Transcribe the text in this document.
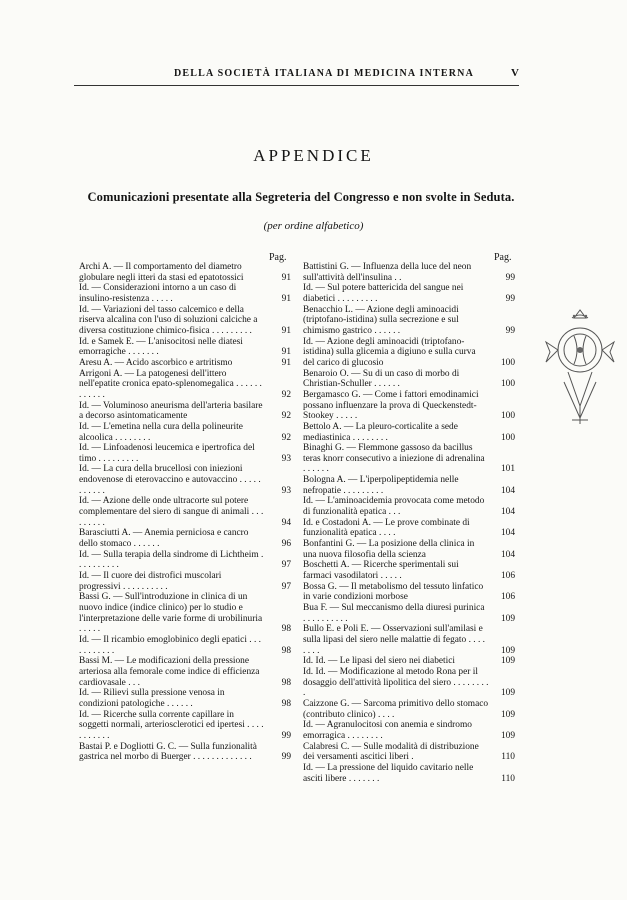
DELLA SOCIETÀ ITALIANA DI MEDICINA INTERNA	V
APPENDICE
Comunicazioni presentate alla Segreteria del Congresso e non svolte in Seduta.
(per ordine alfabetico)
Pag.	Pag.
Archi A. — Il comportamento del diametro globulare negli itteri da stasi ed epatotossici	91
Id. — Considerazioni intorno a un caso di insulino-resistenza . . . . .	91
Id. — Variazioni del tasso calcemico e della riserva alcalina con l'uso di soluzioni calciche a diversa costituzione chimico-fisica . . . . . . . . .	91
Id. e Samek E. — L'anisocitosi nelle diatesi emorragiche . . . . . . .	91
Aresu A. — Acido ascorbico e artritismo	91
Arrigoni A. — La patogenesi dell'ittero nell'epatite cronica epato-splenomegalica . . . . . . . . . . . .	92
Id. — Voluminoso aneurisma dell'arteria basilare a decorso asintomaticamente	92
Id. — L'emetina nella cura della polineurite alcoolica . . . . . . . .	92
Id. — Linfoadenosi leucemica e ipertrofica del timo . . . . . . . . .	93
Id. — La cura della brucellosi con iniezioni endovenose di eterovaccino e autovaccino . . . . . . . . . . .	93
Id. — Azione delle onde ultracorte sul potere complementare del siero di sangue di animali . . . . . . . . .	94
Barasciutti A. — Anemia perniciosa e cancro dello stomaco . . . . . .	96
Id. — Sulla terapia della sindrome di Lichtheim . . . . . . . . . .	97
Id. — Il cuore dei distrofici muscolari progressivi . . . . . . . . . .	97
Bassi G. — Sull'introduzione in clinica di un nuovo indice (indice clinico) per lo studio e l'interpretazione delle varie forme di urobilinuria . . . . .	98
Id. — Il ricambio emoglobinico degli epatici . . . . . . . . . . .	98
Bassi M. — Le modificazioni della pressione arteriosa alla femorale come indice di efficienza cardiovasale . . .	98
Id. — Rilievi sulla pressione venosa in condizioni patologiche . . . . . .	98
Id. — Ricerche sulla corrente capillare in soggetti normali, arteriosclerotici ed ipertesi . . . . . . . . . . .	99
Bastai P. e Dogliotti G. C. — Sulla funzionalità gastrica nel morbo di Buerger . . . . . . . . . . . . .	99
Battistini G. — Influenza della luce del neon sull'attività dell'insulina . .	99
Id. — Sul potere battericida del sangue nei diabetici . . . . . . . . .	99
Benacchio L. — Azione degli aminoacidi (triptofano-istidina) sulla secrezione e sul chimismo gastrico . . . . . .	99
Id. — Azione degli aminoacidi (triptofano-istidina) sulla glicemia a digiuno e sulla curva del carico di glucosio	100
Benaroio O. — Su di un caso di morbo di Christian-Schuller . . . . . .	100
Bergamasco G. — Come i fattori emodinamici possano influenzare la prova di Queckenstedt-Stookey . . . . .	100
Bettolo A. — La pleuro-corticalite a sede mediastinica . . . . . . . .	100
Binaghi G. — Flemmone gassoso da bacillus teras knorr consecutivo a iniezione di adrenalina . . . . . .	101
Bologna A. — L'iperpolipeptidemia nelle nefropatie . . . . . . . . .	104
Id. — L'aminoacidemia provocata come metodo di funzionalità epatica . . .	104
Id. e Costadoni A. — Le prove combinate di funzionalità epatica . . . .	104
Bonfantini G. — La posizione della clinica in una nuova filosofia della scienza	104
Boschetti A. — Ricerche sperimentali sui farmaci vasodilatori . . . . .	106
Bossa G. — Il metabolismo del tessuto linfatico in varie condizioni morbose	106
Bua F. — Sul meccanismo della diuresi purinica . . . . . . . . . .	109
Bullo E. e Poli E. — Osservazioni sull'amilasi e sulla lipasi del siero nelle malattie di fegato . . . . . . . .	109
Id. Id. — Le lipasi del siero nei diabetici	109
Id. Id. — Modificazione al metodo Rona per il dosaggio dell'attività lipolitica del siero . . . . . . . . .	109
Caizzone G. — Sarcoma primitivo dello stomaco (contributo clinico) . . . .	109
Id. — Agranulocitosi con anemia e sindromo emorragica . . . . . . . .	109
Calabresi C. — Sulle modalità di distribuzione dei versamenti ascitici liberi .	110
Id. — La pressione del liquido cavitario nelle asciti libere . . . . . . .	110
